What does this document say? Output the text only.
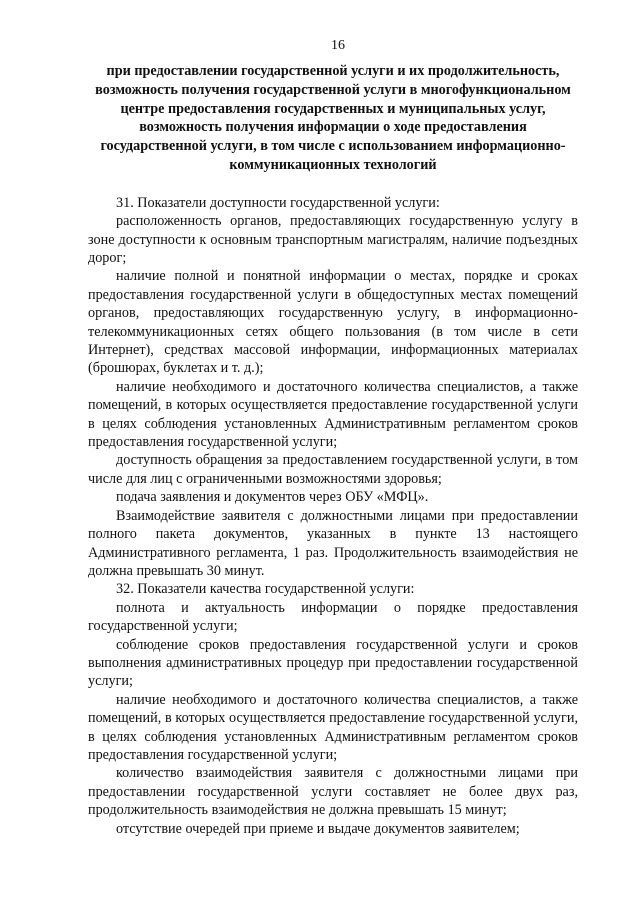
16
при предоставлении государственной услуги и их продолжительность, возможность получения государственной услуги в многофункциональном центре предоставления государственных и муниципальных услуг, возможность получения информации о ходе предоставления государственной услуги, в том числе с использованием информационно-коммуникационных технологий

31. Показатели доступности государственной услуги:

расположенность органов, предоставляющих государственную услугу в зоне доступности к основным транспортным магистралям, наличие подъездных дорог;

наличие полной и понятной информации о местах, порядке и сроках предоставления государственной услуги в общедоступных местах помещений органов, предоставляющих государственную услугу, в информационно-телекоммуникационных сетях общего пользования (в том числе в сети Интернет), средствах массовой информации, информационных материалах (брошюрах, буклетах и т. д.);

наличие необходимого и достаточного количества специалистов, а также помещений, в которых осуществляется предоставление государственной услуги в целях соблюдения установленных Административным регламентом сроков предоставления государственной услуги;

доступность обращения за предоставлением государственной услуги, в том числе для лиц с ограниченными возможностями здоровья;

подача заявления и документов через ОБУ «МФЦ».

Взаимодействие заявителя с должностными лицами при предоставлении полного пакета документов, указанных в пункте 13 настоящего Административного регламента, 1 раз. Продолжительность взаимодействия не должна превышать 30 минут.

32. Показатели качества государственной услуги:

полнота и актуальность информации о порядке предоставления государственной услуги;

соблюдение сроков предоставления государственной услуги и сроков выполнения административных процедур при предоставлении государственной услуги;

наличие необходимого и достаточного количества специалистов, а также помещений, в которых осуществляется предоставление государственной услуги, в целях соблюдения установленных Административным регламентом сроков предоставления государственной услуги;

количество взаимодействия заявителя с должностными лицами при предоставлении государственной услуги составляет не более двух раз, продолжительность взаимодействия не должна превышать 15 минут;

отсутствие очередей при приеме и выдаче документов заявителем;
